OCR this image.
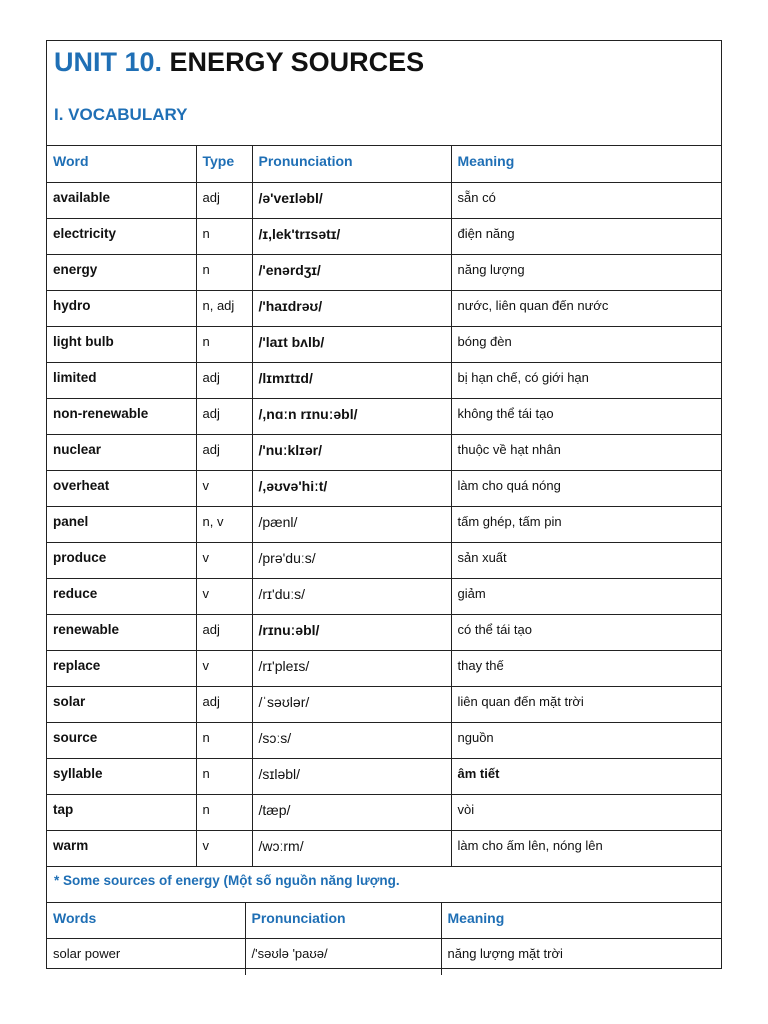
UNIT 10. ENERGY SOURCES
I. VOCABULARY
Word	Type	Pronunciation	Meaning
available	adj	/ə'veɪləbl/	sẵn có
electricity	n	/ɪ,lek'trɪsətɪ/	điện năng
energy	n	/'enərdʒɪ/	năng lượng
hydro	n, adj	/'haɪdrəʊ/	nước, liên quan đến nước
light bulb	n	/'laɪt bʌlb/	bóng đèn
limited	adj	/lɪmɪtɪd/	bị hạn chế, có giới hạn
non-renewable	adj	/,nɑːn rɪnuːəbl/	không thể tái tạo
nuclear	adj	/'nuːklɪər/	thuộc về hạt nhân
overheat	v	/,əʊvə'hiːt/	làm cho quá nóng
panel	n, v	/pænl/	tấm ghép, tấm pin
produce	v	/prə'duːs/	sản xuất
reduce	v	/rɪ'duːs/	giảm
renewable	adj	/rɪnuːəbl/	có thể tái tạo
replace	v	/rɪ'pleɪs/	thay thế
solar	adj	/ˈsəʊlər/	liên quan đến mặt trời
source	n	/sɔːs/	nguồn
syllable	n	/sɪləbl/	âm tiết
tap	n	/tæp/	vòi
warm	v	/wɔːrm/	làm cho ấm lên, nóng lên
* Some sources of energy (Một số nguồn năng lượng.
Words	Pronunciation	Meaning
solar power	/'səʊlə 'paʊə/	năng lượng mặt trời
